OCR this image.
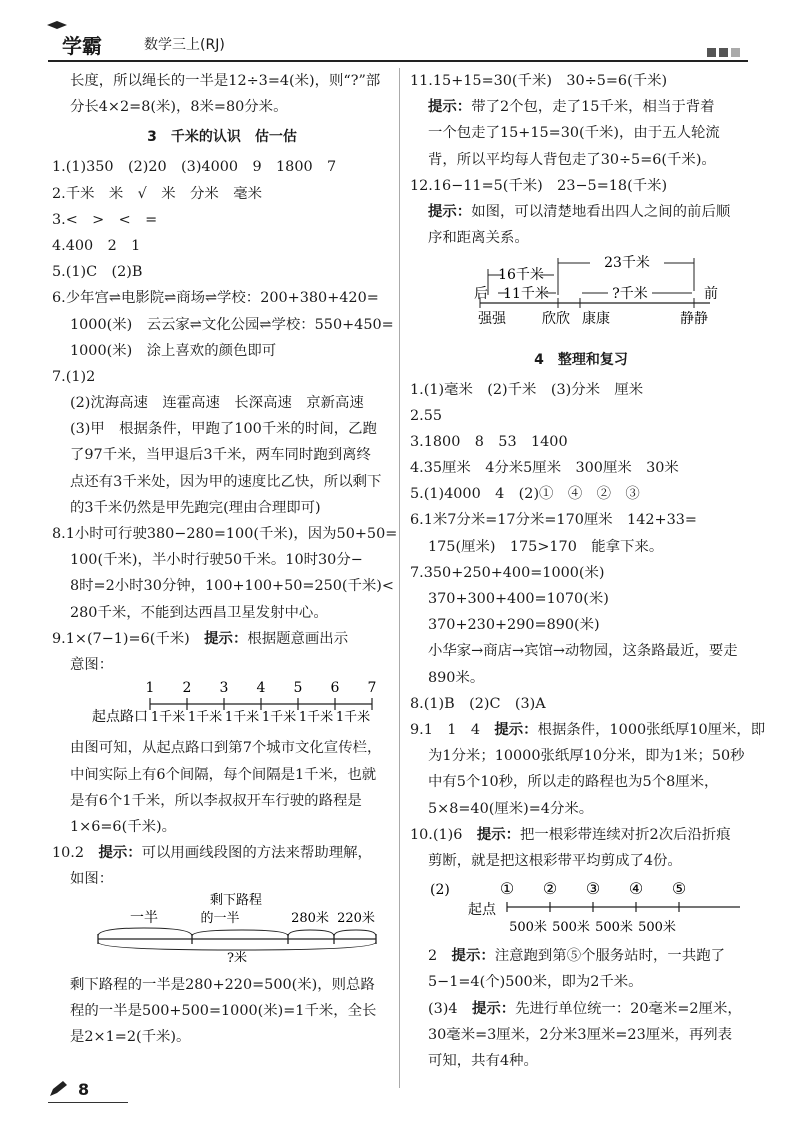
学霸	数学三上(RJ)
长度，所以绳长的一半是12÷3=4(米)，则“?”部
分长4×2=8(米)，8米=80分米。
3　千米的认识　估一估
1.(1)350　(2)20　(3)4000　9　1800　7
2.千米　米　√　米　分米　毫米
3.<　>　<　=
4.400　2　1
5.(1)C　(2)B
6.少年宫⇌电影院⇌商场⇌学校：200+380+420=
1000(米)　云云家⇌文化公园⇌学校：550+450=
1000(米)　涂上喜欢的颜色即可
7.(1)2
(2)沈海高速　连霍高速　长深高速　京新高速
(3)甲　根据条件，甲跑了100千米的时间，乙跑
了97千米，当甲退后3千米，两车同时跑到离终
点还有3千米处，因为甲的速度比乙快，所以剩下
的3千米仍然是甲先跑完(理由合理即可)
8.1小时可行驶380−280=100(千米)，因为50+50=
100(千米)，半小时行驶50千米。10时30分−
8时=2小时30分钟，100+100+50=250(千米)<
280千米，不能到达西昌卫星发射中心。
9.1×(7−1)=6(千米)　提示：根据题意画出示
意图：
1 2 3 4 5 6 7
起点路口 1千米 1千米 1千米 1千米 1千米 1千米
由图可知，从起点路口到第7个城市文化宣传栏，
中间实际上有6个间隔，每个间隔是1千米，也就
是有6个1千米，所以李叔叔开车行驶的路程是
1×6=6(千米)。
10.2　提示：可以用画线段图的方法来帮助理解，
如图：
剩下路程
的一半
一半	280米 220米
?米
剩下路程的一半是280+220=500(米)，则总路
程的一半是500+500=1000(米)=1千米，全长
是2×1=2(千米)。
11.15+15=30(千米)　30÷5=6(千米)
提示：带了2个包，走了15千米，相当于背着
一个包走了15+15=30(千米)，由于五人轮流
背，所以平均每人背包走了30÷5=6(千米)。
12.16−11=5(千米)　23−5=18(千米)
提示：如图，可以清楚地看出四人之间的前后顺
序和距离关系。
23千米
16千米
后 11千米	?千米	前
强强	欣欣 康康	静静
4　整理和复习
1.(1)毫米　(2)千米　(3)分米　厘米
2.55
3.1800　8　53　1400
4.35厘米　4分米5厘米　300厘米　30米
5.(1)4000　4　(2)①　④　②　③
6.1米7分米=17分米=170厘米　142+33=
175(厘米)　175>170　能拿下来。
7.350+250+400=1000(米)
370+300+400=1070(米)
370+230+290=890(米)
小华家→商店→宾馆→动物园，这条路最近，要走
890米。
8.(1)B　(2)C　(3)A
9.1　1　4　提示：根据条件，1000张纸厚10厘米，即
为1分米；10000张纸厚10分米，即为1米；50秒
中有5个10秒，所以走的路程也为5个8厘米，
5×8=40(厘米)=4分米。
10.(1)6　提示：把一根彩带连续对折2次后沿折痕
剪断，就是把这根彩带平均剪成了4份。
(2)	① ② ③ ④ ⑤
起点
500米 500米 500米 500米
2　提示：注意跑到第⑤个服务站时，一共跑了
5−1=4(个)500米，即为2千米。
(3)4　提示：先进行单位统一：20毫米=2厘米，
30毫米=3厘米，2分米3厘米=23厘米，再列表
可知，共有4种。
8
